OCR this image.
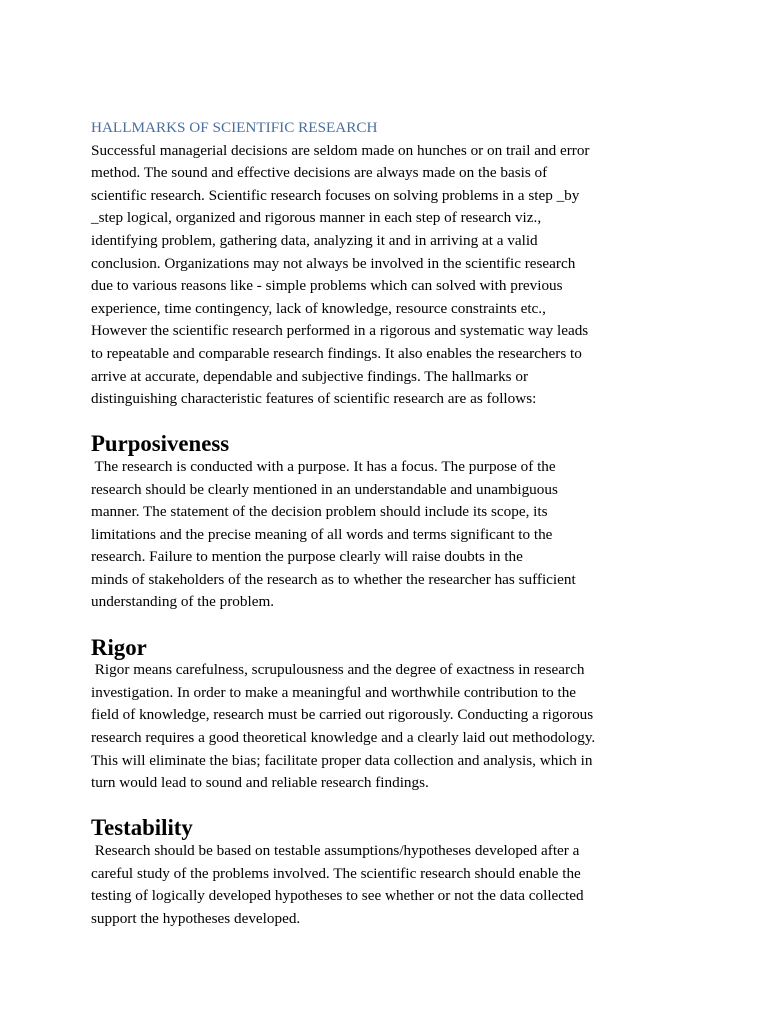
HALLMARKS OF SCIENTIFIC RESEARCH

Successful managerial decisions are seldom made on hunches or on trail and error
method. The sound and effective decisions are always made on the basis of
scientific research. Scientific research focuses on solving problems in a step _by
_step logical, organized and rigorous manner in each step of research viz.,
identifying problem, gathering data, analyzing it and in arriving at a valid
conclusion. Organizations may not always be involved in the scientific research
due to various reasons like - simple problems which can solved with previous
experience, time contingency, lack of knowledge, resource constraints etc.,
However the scientific research performed in a rigorous and systematic way leads
to repeatable and comparable research findings. It also enables the researchers to
arrive at accurate, dependable and subjective findings. The hallmarks or
distinguishing characteristic features of scientific research are as follows:

Purposiveness

The research is conducted with a purpose. It has a focus. The purpose of the
research should be clearly mentioned in an understandable and unambiguous
manner. The statement of the decision problem should include its scope, its
limitations and the precise meaning of all words and terms significant to the
research. Failure to mention the purpose clearly will raise doubts in the
minds of stakeholders of the research as to whether the researcher has sufficient
understanding of the problem.

Rigor

Rigor means carefulness, scrupulousness and the degree of exactness in research
investigation. In order to make a meaningful and worthwhile contribution to the
field of knowledge, research must be carried out rigorously. Conducting a rigorous
research requires a good theoretical knowledge and a clearly laid out methodology.
This will eliminate the bias; facilitate proper data collection and analysis, which in
turn would lead to sound and reliable research findings.

Testability

Research should be based on testable assumptions/hypotheses developed after a
careful study of the problems involved. The scientific research should enable the
testing of logically developed hypotheses to see whether or not the data collected
support the hypotheses developed.
